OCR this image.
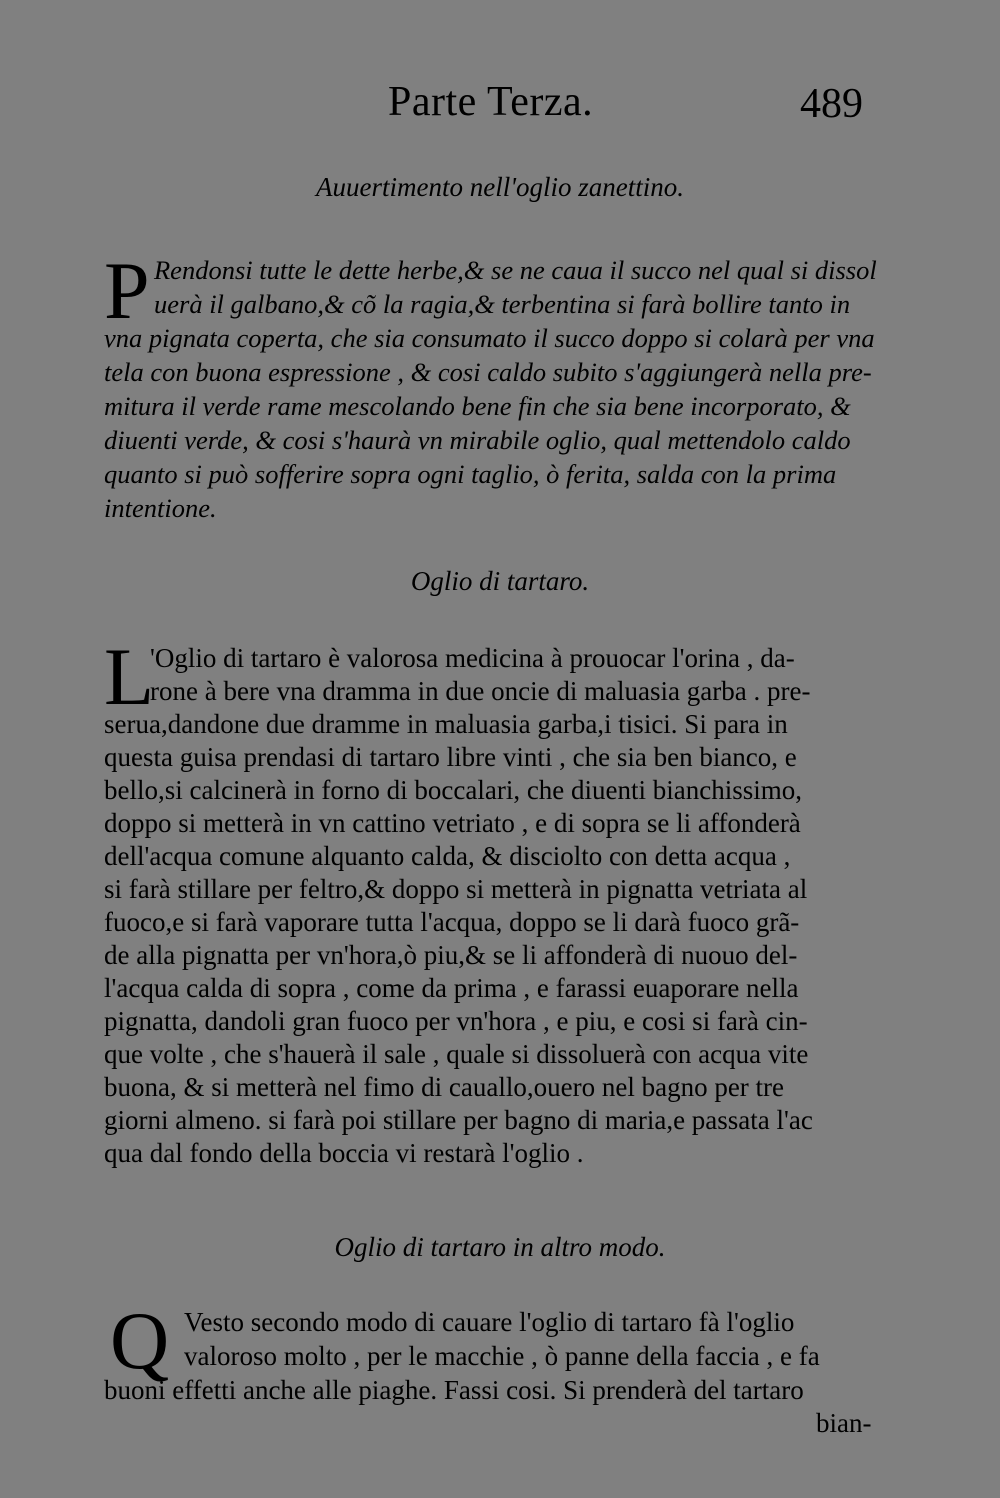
Parte Terza.	489
Auuertimento nell'oglio zanettino.
P Rendonsi tutte le dette herbe,& se ne caua il succo nel qual si dissol
uerà il galbano,& cõ la ragia,& terbentina si farà bollire tanto in
vna pignata coperta, che sia consumato il succo doppo si colarà per vna
tela con buona espressione , & cosi caldo subito s'aggiungerà nella pre-
mitura il verde rame mescolando bene fin che sia bene incorporato, &
diuenti verde, & cosi s'haurà vn mirabile oglio, qual mettendolo caldo
quanto si può sofferire sopra ogni taglio, ò ferita, salda con la prima
intentione.
Oglio di tartaro.
L
'Oglio di tartaro è valorosa medicina à prouocar l'orina , da-
rone à bere vna dramma in due oncie di maluasia garba . pre-
serua,dandone due dramme in maluasia garba,i tisici. Si para in
questa guisa prendasi di tartaro libre vinti , che sia ben bianco, e
bello,si calcinerà in forno di boccalari, che diuenti bianchissimo,
doppo si metterà in vn cattino vetriato , e di sopra se li affonderà
dell'acqua comune alquanto calda, & disciolto con detta acqua ,
si farà stillare per feltro,& doppo si metterà in pignatta vetriata al
fuoco,e si farà vaporare tutta l'acqua, doppo se li darà fuoco grã-
de alla pignatta per vn'hora,ò piu,& se li affonderà di nuouo del-
l'acqua calda di sopra , come da prima , e farassi euaporare nella
pignatta, dandoli gran fuoco per vn'hora , e piu, e cosi si farà cin-
que volte , che s'hauerà il sale , quale si dissoluerà con acqua vite
buona, & si metterà nel fimo di cauallo,ouero nel bagno per tre
giorni almeno. si farà poi stillare per bagno di maria,e passata l'ac
qua dal fondo della boccia vi restarà l'oglio .
Oglio di tartaro in altro modo.
Q Vesto secondo modo di cauare l'oglio di tartaro fà l'oglio
valoroso molto , per le macchie , ò panne della faccia , e fa
buoni effetti anche alle piaghe. Fassi cosi. Si prenderà del tartaro
bian-
